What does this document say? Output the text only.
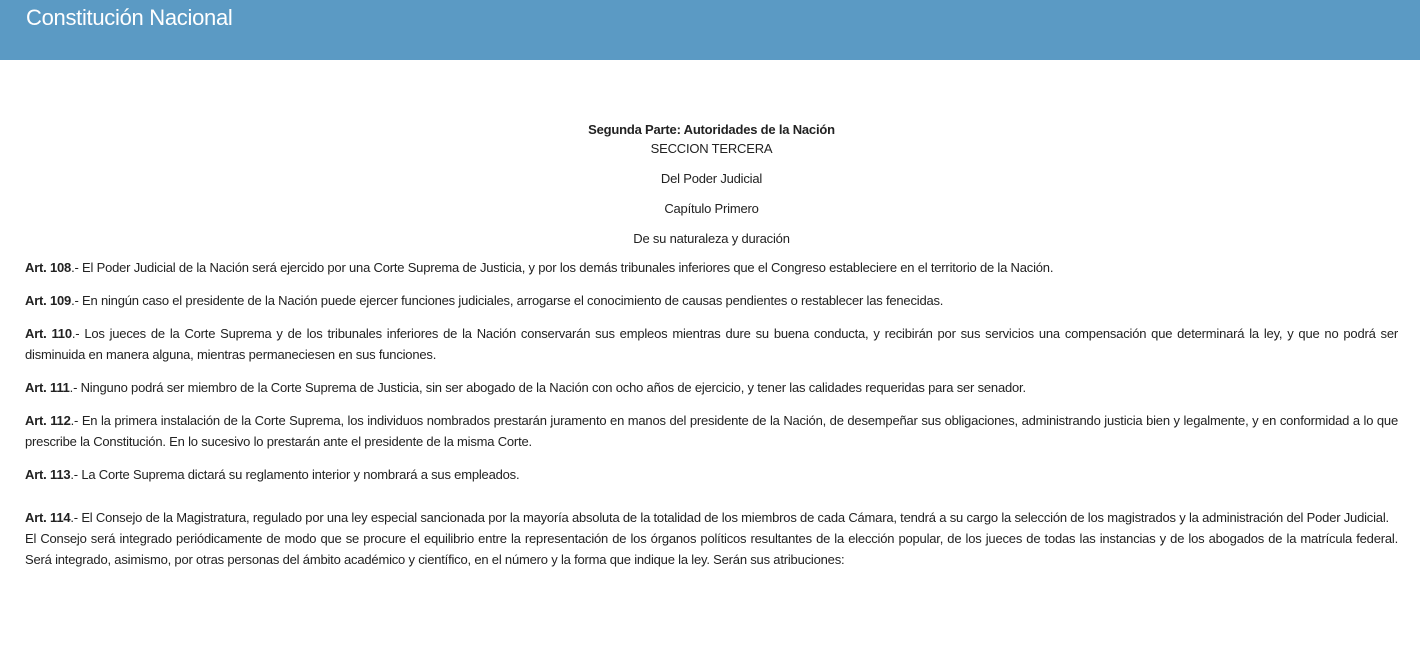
Constitución Nacional
Segunda Parte: Autoridades de la Nación
SECCION TERCERA
Del Poder Judicial
Capítulo Primero
De su naturaleza y duración

Art. 108.- El Poder Judicial de la Nación será ejercido por una Corte Suprema de Justicia, y por los demás tribunales inferiores que el Congreso estableciere en el territorio de la Nación.

Art. 109.- En ningún caso el presidente de la Nación puede ejercer funciones judiciales, arrogarse el conocimiento de causas pendientes o restablecer las fenecidas.

Art. 110.- Los jueces de la Corte Suprema y de los tribunales inferiores de la Nación conservarán sus empleos mientras dure su buena conducta, y recibirán por sus servicios una compensación que determinará la ley, y que no podrá ser disminuida en manera alguna, mientras permaneciesen en sus funciones.

Art. 111.- Ninguno podrá ser miembro de la Corte Suprema de Justicia, sin ser abogado de la Nación con ocho años de ejercicio, y tener las calidades requeridas para ser senador.

Art. 112.- En la primera instalación de la Corte Suprema, los individuos nombrados prestarán juramento en manos del presidente de la Nación, de desempeñar sus obligaciones, administrando justicia bien y legalmente, y en conformidad a lo que prescribe la Constitución. En lo sucesivo lo prestarán ante el presidente de la misma Corte.

Art. 113.- La Corte Suprema dictará su reglamento interior y nombrará a sus empleados.

Art. 114.- El Consejo de la Magistratura, regulado por una ley especial sancionada por la mayoría absoluta de la totalidad de los miembros de cada Cámara, tendrá a su cargo la selección de los magistrados y la administración del Poder Judicial.
El Consejo será integrado periódicamente de modo que se procure el equilibrio entre la representación de los órganos políticos resultantes de la elección popular, de los jueces de todas las instancias y de los abogados de la matrícula federal. Será integrado, asimismo, por otras personas del ámbito académico y científico, en el número y la forma que indique la ley. Serán sus atribuciones:
